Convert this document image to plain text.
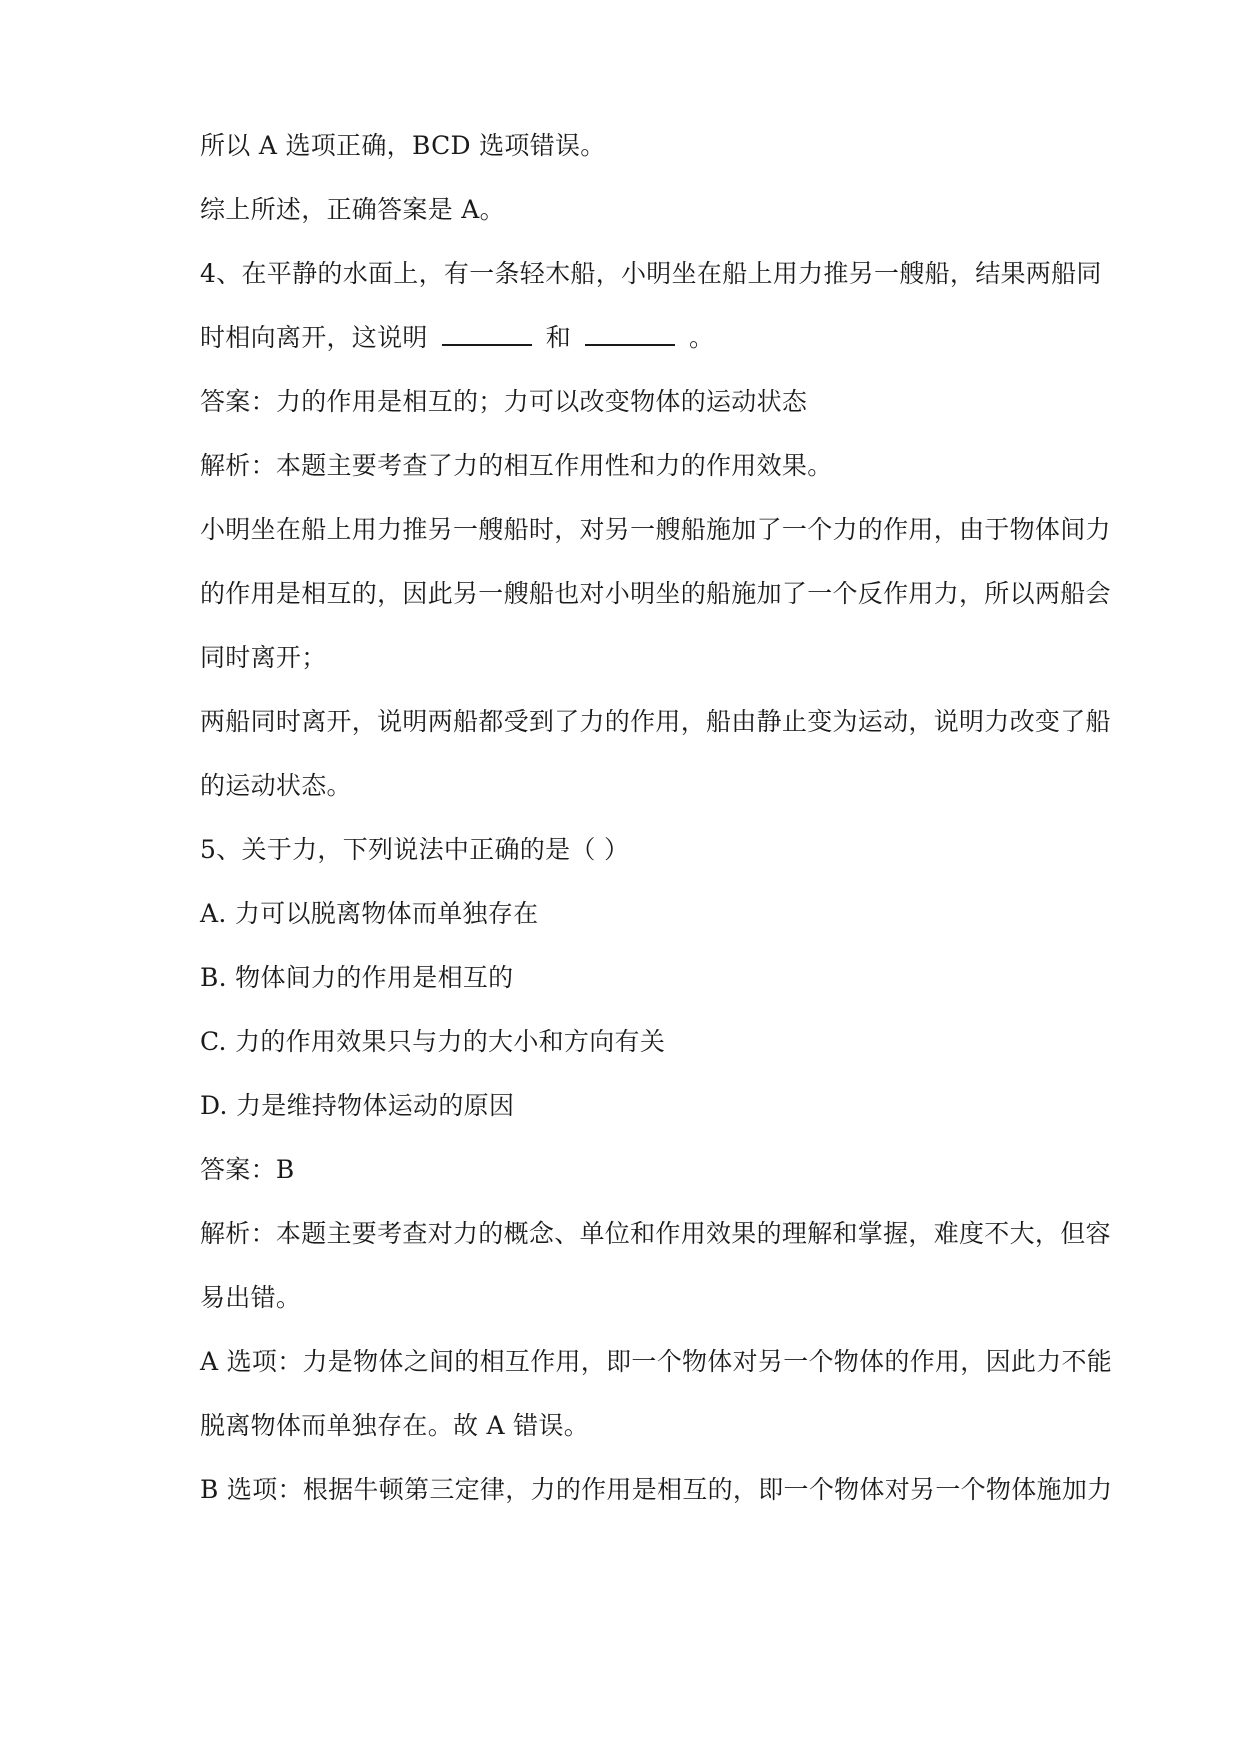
所以 A 选项正确，BCD 选项错误。
综上所述，正确答案是 A。
4、在平静的水面上，有一条轻木船，小明坐在船上用力推另一艘船，结果两船同
时相向离开，这说明	和	。
答案：力的作用是相互的；力可以改变物体的运动状态
解析：本题主要考查了力的相互作用性和力的作用效果。
小明坐在船上用力推另一艘船时，对另一艘船施加了一个力的作用，由于物体间力
的作用是相互的，因此另一艘船也对小明坐的船施加了一个反作用力，所以两船会
同时离开；
两船同时离开，说明两船都受到了力的作用，船由静止变为运动，说明力改变了船
的运动状态。
5、关于力，下列说法中正确的是（ ）
A. 力可以脱离物体而单独存在
B. 物体间力的作用是相互的
C. 力的作用效果只与力的大小和方向有关
D. 力是维持物体运动的原因
答案：B
解析：本题主要考查对力的概念、单位和作用效果的理解和掌握，难度不大，但容
易出错。
A 选项：力是物体之间的相互作用，即一个物体对另一个物体的作用，因此力不能
脱离物体而单独存在。故 A 错误。
B 选项：根据牛顿第三定律，力的作用是相互的，即一个物体对另一个物体施加力
